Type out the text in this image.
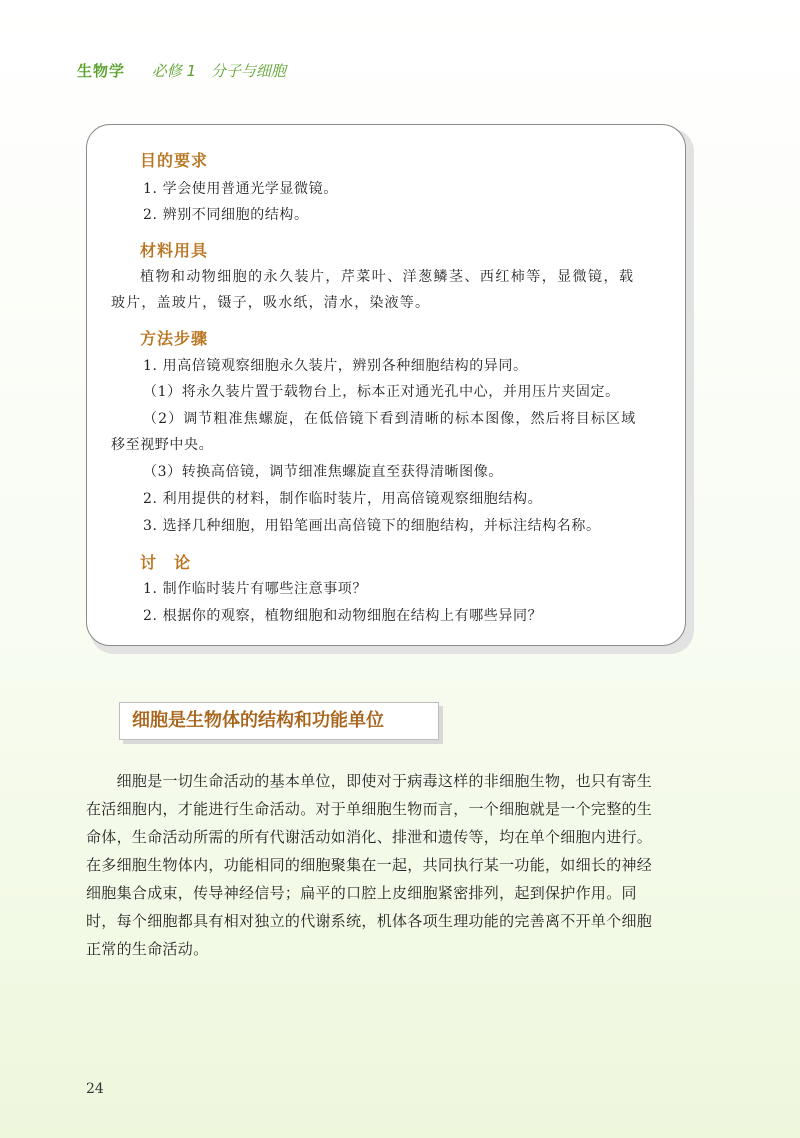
生物学 必修 1 分子与细胞
目的要求
1. 学会使用普通光学显微镜。
2. 辨别不同细胞的结构。
材料用具
植物和动物细胞的永久装片，芹菜叶、洋葱鳞茎、西红柿等，显微镜，载
玻片，盖玻片，镊子，吸水纸，清水，染液等。
方法步骤
1. 用高倍镜观察细胞永久装片，辨别各种细胞结构的异同。
（1）将永久装片置于载物台上，标本正对通光孔中心，并用压片夹固定。
（2）调节粗准焦螺旋，在低倍镜下看到清晰的标本图像，然后将目标区域
移至视野中央。
（3）转换高倍镜，调节细准焦螺旋直至获得清晰图像。
2. 利用提供的材料，制作临时装片，用高倍镜观察细胞结构。
3. 选择几种细胞，用铅笔画出高倍镜下的细胞结构，并标注结构名称。
讨　论
1. 制作临时装片有哪些注意事项？
2. 根据你的观察，植物细胞和动物细胞在结构上有哪些异同？
细胞是生物体的结构和功能单位
　　细胞是一切生命活动的基本单位，即使对于病毒这样的非细胞生物，也只有寄生
在活细胞内，才能进行生命活动。对于单细胞生物而言，一个细胞就是一个完整的生
命体，生命活动所需的所有代谢活动如消化、排泄和遗传等，均在单个细胞内进行。
在多细胞生物体内，功能相同的细胞聚集在一起，共同执行某一功能，如细长的神经
细胞集合成束，传导神经信号；扁平的口腔上皮细胞紧密排列，起到保护作用。同
时，每个细胞都具有相对独立的代谢系统，机体各项生理功能的完善离不开单个细胞
正常的生命活动。
24
